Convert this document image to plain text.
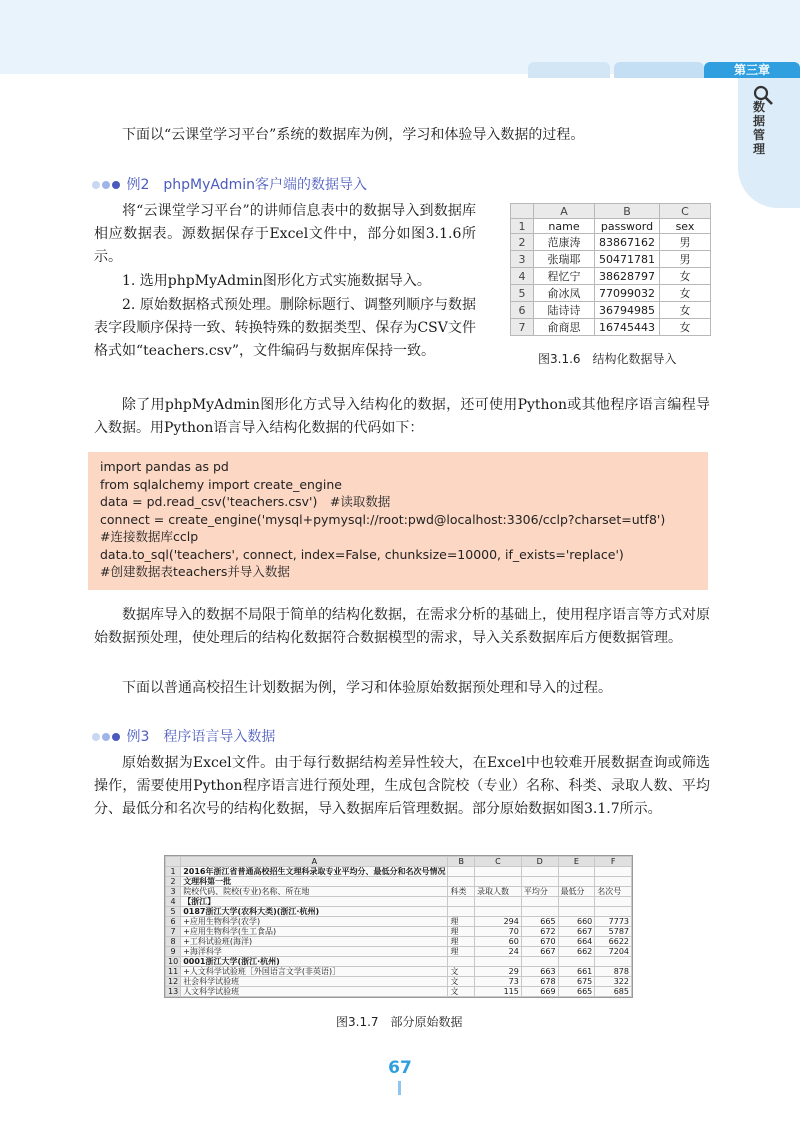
第三章
数据管理

下面以“云课堂学习平台”系统的数据库为例，学习和体验导入数据的过程。

例2　phpMyAdmin客户端的数据导入

将“云课堂学习平台”的讲师信息表中的数据导入到数据库相应数据表。源数据保存于Excel文件中，部分如图3.1.6所示。

1. 选用phpMyAdmin图形化方式实施数据导入。

2. 原始数据格式预处理。删除标题行、调整列顺序与数据表字段顺序保持一致、转换特殊的数据类型、保存为CSV文件格式如“teachers.csv”，文件编码与数据库保持一致。

	A	B	C
1	name	password	sex
2	范康涛	83867162	男
3	张瑞耶	50471781	男
4	程忆宁	38628797	女
5	俞冰凤	77099032	女
6	陆诗诗	36794985	女
7	俞商思	16745443	女
图3.1.6　结构化数据导入

除了用phpMyAdmin图形化方式导入结构化的数据，还可使用Python或其他程序语言编程导入数据。用Python语言导入结构化数据的代码如下：

import pandas as pd
from sqlalchemy import create_engine
data = pd.read_csv('teachers.csv')　#读取数据
connect = create_engine('mysql+pymysql://root:pwd@localhost:3306/cclp?charset=utf8')
#连接数据库cclp
data.to_sql('teachers', connect, index=False, chunksize=10000, if_exists='replace')
#创建数据表teachers并导入数据

数据库导入的数据不局限于简单的结构化数据，在需求分析的基础上，使用程序语言等方式对原始数据预处理，使处理后的结构化数据符合数据模型的需求，导入关系数据库后方便数据管理。

下面以普通高校招生计划数据为例，学习和体验原始数据预处理和导入的过程。

例3　程序语言导入数据

原始数据为Excel文件。由于每行数据结构差异性较大，在Excel中也较难开展数据查询或筛选操作，需要使用Python程序语言进行预处理，生成包含院校（专业）名称、科类、录取人数、平均分、最低分和名次号的结构化数据，导入数据库后管理数据。部分原始数据如图3.1.7所示。

	A	B	C	D	E	F
1	2016年浙江省普通高校招生文理科录取专业平均分、最低分和名次号情况					
2	文理科第一批					
3	院校代码、院校(专业)名称、所在地	科类	录取人数	平均分	最低分	名次号
4	【浙江】					
5	0187浙江大学(农科大类)(浙江·杭州)					
6	+应用生物科学(农学)	理	294	665	660	7773
7	+应用生物科学(生工食品)	理	70	672	667	5787
8	+工科试验班(海洋)	理	60	670	664	6622
9	+海洋科学	理	24	667	662	7204
10	0001浙江大学(浙江·杭州)					
11	+人文科学试验班［外国语言文学(非英语)］	文	29	663	661	878
12	社会科学试验班	文	73	678	675	322
13	人文科学试验班	文	115	669	665	685
图3.1.7　部分原始数据
67
